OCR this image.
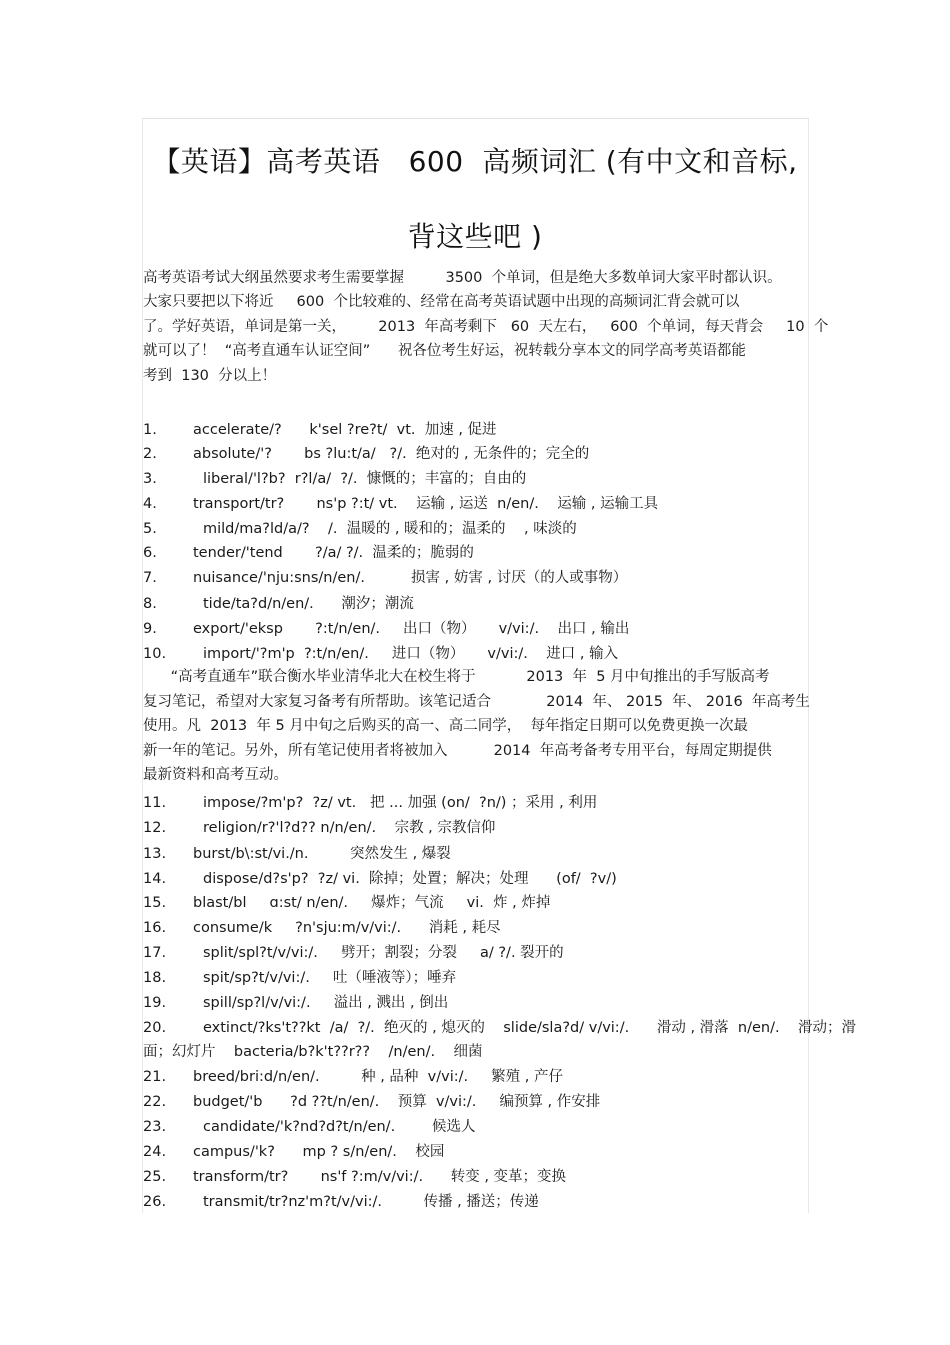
【英语】高考英语   600  高频词汇 (有中文和音标,
背这些吧 )
高考英语考试大纲虽然要求考生需要掌握         3500  个单词，但是绝大多数单词大家平时都认识。
大家只要把以下将近     600  个比较难的、经常在高考英语试题中出现的高频词汇背会就可以
了。学好英语，单词是第一关，       2013  年高考剩下   60  天左右，   600  个单词，每天背会     10  个
就可以了！  “高考直通车认证空间”      祝各位考生好运，祝转载分享本文的同学高考英语都能
考到  130  分以上！
1. accelerate/?      k'sel ?re?t/  vt.  加速 , 促进
2. absolute/'?       bs ?lu:t/a/   ?/.  绝对的 , 无条件的；完全的
3.	liberal/'l?b?  r?l/a/  ?/.  慷慨的；丰富的；自由的
4. transport/tr?       ns'p ?:t/ vt.    运输 , 运送  n/en/.    运输 , 运输工具
5.	mild/ma?ld/a/?    /.  温暖的 , 暖和的；温柔的    , 味淡的
6. tender/'tend       ?/a/ ?/.  温柔的；脆弱的
7. nuisance/'nju:sns/n/en/.          损害 , 妨害 , 讨厌（的人或事物）
8.	tide/ta?d/n/en/.      潮汐；潮流
9. export/'eksp       ?:t/n/en/.     出口（物）     v/vi:/.    出口 , 输出
10.	import/'?m'p  ?:t/n/en/.     进口（物）     v/vi:/.    进口 , 输入
“高考直通车”联合衡水毕业清华北大在校生将于           2013  年  5 月中旬推出的手写版高考
复习笔记，希望对大家复习备考有所帮助。该笔记适合            2014  年、 2015  年、 2016  年高考生
使用。凡  2013  年 5 月中旬之后购买的高一、高二同学，  每年指定日期可以免费更换一次最
新一年的笔记。另外，所有笔记使用者将被加入          2014  年高考备考专用平台，每周定期提供
最新资料和高考互动。
11.	impose/?m'p?  ?z/ vt.   把 ... 加强 (on/  ?n/) ；采用 , 利用
12.	religion/r?'l?d?? n/n/en/.    宗教 , 宗教信仰
13. burst/b\:st/vi./n.         突然发生 , 爆裂
14.	dispose/d?s'p?  ?z/ vi.  除掉；处置；解决；处理      (of/  ?v/)
15. blast/bl     ɑ:st/ n/en/.     爆炸；气流     vi.  炸 , 炸掉
16. consume/k     ?n'sju:m/v/vi:/.      消耗 , 耗尽
17.	split/spl?t/v/vi:/.     劈开；割裂；分裂     a/ ?/. 裂开的
18.	spit/sp?t/v/vi:/.     吐（唾液等）；唾弃
19.	spill/sp?l/v/vi:/.     溢出 , 溅出 , 倒出
20.	extinct/?ks't??kt  /a/  ?/.  绝灭的 , 熄灭的    slide/sla?d/ v/vi:/.      滑动 , 滑落  n/en/.    滑动；滑
面；幻灯片    bacteria/b?k't??r??    /n/en/.    细菌
21. breed/bri:d/n/en/.         种 , 品种  v/vi:/.     繁殖 , 产仔
22. budget/'b      ?d ??t/n/en/.    预算  v/vi:/.     编预算 , 作安排
23.	candidate/'k?nd?d?t/n/en/.        候选人
24. campus/'k?      mp ? s/n/en/.    校园
25. transform/tr?       ns'f ?:m/v/vi:/.      转变 , 变革；变换
26.	transmit/tr?nz'm?t/v/vi:/.         传播 , 播送；传递
